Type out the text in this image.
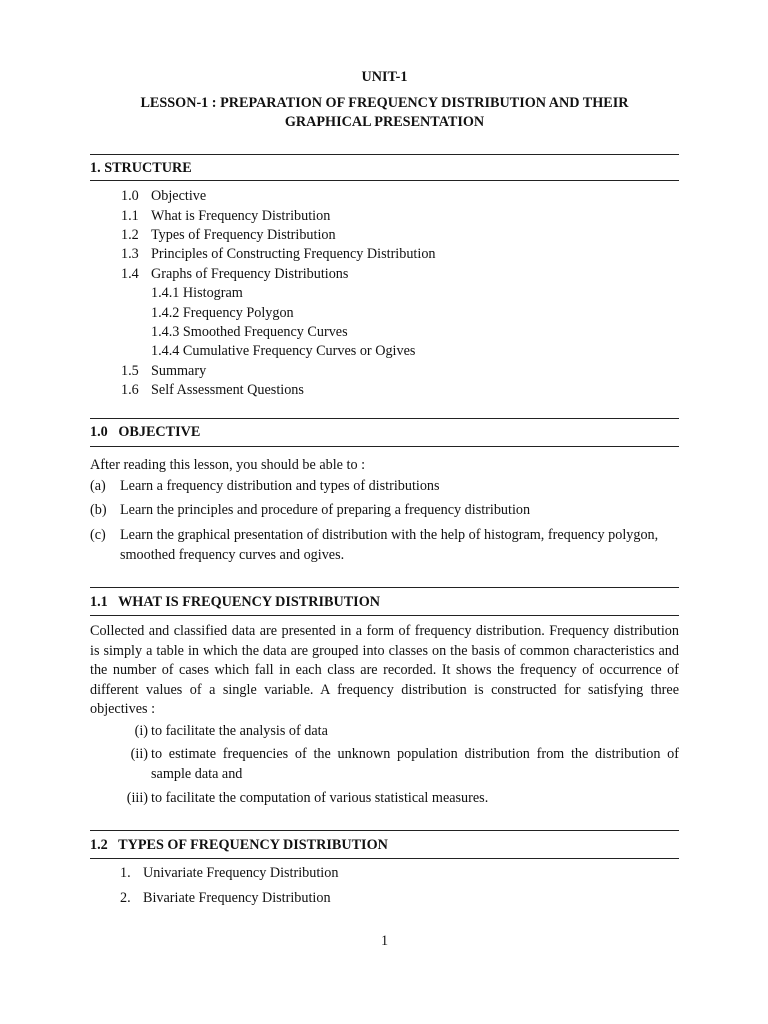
UNIT-1
LESSON-1 : PREPARATION OF FREQUENCY DISTRIBUTION AND THEIR
GRAPHICAL PRESENTATION
1. STRUCTURE
1.0 Objective
1.1 What is Frequency Distribution
1.2 Types of Frequency Distribution
1.3 Principles of Constructing Frequency Distribution
1.4 Graphs of Frequency Distributions
1.4.1 Histogram
1.4.2 Frequency Polygon
1.4.3 Smoothed Frequency Curves
1.4.4 Cumulative Frequency Curves or Ogives
1.5 Summary
1.6 Self Assessment Questions
1.0   OBJECTIVE
After reading this lesson, you should be able to :
(a) Learn a frequency distribution and types of distributions
(b) Learn the principles and procedure of preparing a frequency distribution
(c) Learn the graphical presentation of distribution with the help of histogram, frequency polygon, smoothed frequency curves and ogives.
1.1   WHAT IS FREQUENCY DISTRIBUTION
Collected and classified data are presented in a form of frequency distribution. Frequency distribution is simply a table in which the data are grouped into classes on the basis of common characteristics and the number of cases which fall in each class are recorded. It shows the frequency of occurrence of different values of a single variable. A frequency distribution is constructed for satisfying three objectives :
(i) to facilitate the analysis of data
(ii) to estimate frequencies of the unknown population distribution from the distribution of sample data and
(iii) to facilitate the computation of various statistical measures.
1.2   TYPES OF FREQUENCY DISTRIBUTION
1. Univariate Frequency Distribution
2. Bivariate Frequency Distribution
1
